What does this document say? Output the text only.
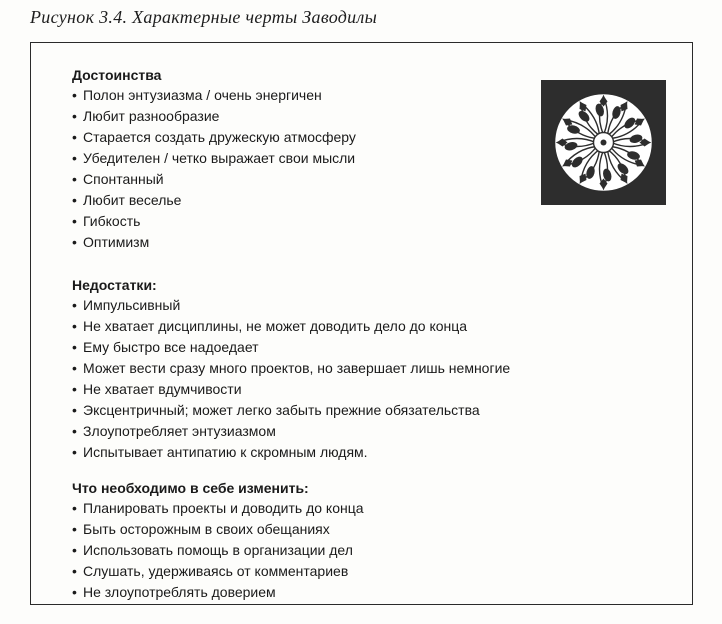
Рисунок 3.4. Характерные черты Заводилы
Достоинства
• Полон энтузиазма / очень энергичен
• Любит разнообразие
• Старается создать дружескую атмосферу
• Убедителен / четко выражает свои мысли
• Спонтанный
• Любит веселье
• Гибкость
• Оптимизм
Недостатки:
• Импульсивный
• Не хватает дисциплины, не может доводить дело до конца
• Ему быстро все надоедает
• Может вести сразу много проектов, но завершает лишь немногие
• Не хватает вдумчивости
• Эксцентричный; может легко забыть прежние обязательства
• Злоупотребляет энтузиазмом
• Испытывает антипатию к скромным людям.
Что необходимо в себе изменить:
• Планировать проекты и доводить до конца
• Быть осторожным в своих обещаниях
• Использовать помощь в организации дел
• Слушать, удерживаясь от комментариев
• Не злоупотреблять доверием
